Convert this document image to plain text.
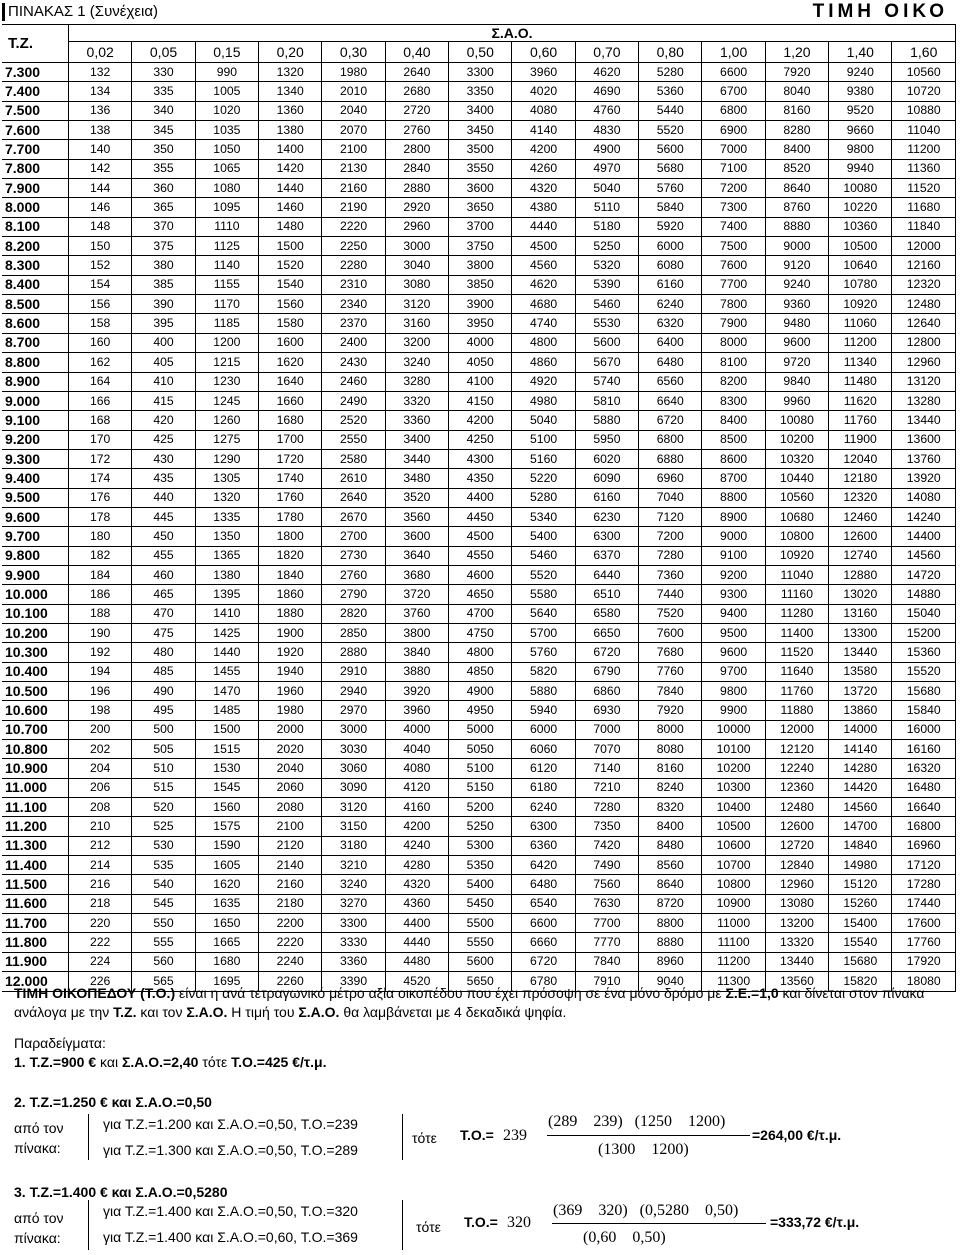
ΠΙΝΑΚΑΣ 1 (Συνέχεια)	ΤΙΜΗ ΟΙΚΟ
Τ.Ζ.	Σ.Α.Ο.													
	0,02	0,05	0,15	0,20	0,30	0,40	0,50	0,60	0,70	0,80	1,00	1,20	1,40	1,60
7.300	132	330	990	1320	1980	2640	3300	3960	4620	5280	6600	7920	9240	10560
7.400	134	335	1005	1340	2010	2680	3350	4020	4690	5360	6700	8040	9380	10720
7.500	136	340	1020	1360	2040	2720	3400	4080	4760	5440	6800	8160	9520	10880
7.600	138	345	1035	1380	2070	2760	3450	4140	4830	5520	6900	8280	9660	11040
7.700	140	350	1050	1400	2100	2800	3500	4200	4900	5600	7000	8400	9800	11200
7.800	142	355	1065	1420	2130	2840	3550	4260	4970	5680	7100	8520	9940	11360
7.900	144	360	1080	1440	2160	2880	3600	4320	5040	5760	7200	8640	10080	11520
8.000	146	365	1095	1460	2190	2920	3650	4380	5110	5840	7300	8760	10220	11680
8.100	148	370	1110	1480	2220	2960	3700	4440	5180	5920	7400	8880	10360	11840
8.200	150	375	1125	1500	2250	3000	3750	4500	5250	6000	7500	9000	10500	12000
8.300	152	380	1140	1520	2280	3040	3800	4560	5320	6080	7600	9120	10640	12160
8.400	154	385	1155	1540	2310	3080	3850	4620	5390	6160	7700	9240	10780	12320
8.500	156	390	1170	1560	2340	3120	3900	4680	5460	6240	7800	9360	10920	12480
8.600	158	395	1185	1580	2370	3160	3950	4740	5530	6320	7900	9480	11060	12640
8.700	160	400	1200	1600	2400	3200	4000	4800	5600	6400	8000	9600	11200	12800
8.800	162	405	1215	1620	2430	3240	4050	4860	5670	6480	8100	9720	11340	12960
8.900	164	410	1230	1640	2460	3280	4100	4920	5740	6560	8200	9840	11480	13120
9.000	166	415	1245	1660	2490	3320	4150	4980	5810	6640	8300	9960	11620	13280
9.100	168	420	1260	1680	2520	3360	4200	5040	5880	6720	8400	10080	11760	13440
9.200	170	425	1275	1700	2550	3400	4250	5100	5950	6800	8500	10200	11900	13600
9.300	172	430	1290	1720	2580	3440	4300	5160	6020	6880	8600	10320	12040	13760
9.400	174	435	1305	1740	2610	3480	4350	5220	6090	6960	8700	10440	12180	13920
9.500	176	440	1320	1760	2640	3520	4400	5280	6160	7040	8800	10560	12320	14080
9.600	178	445	1335	1780	2670	3560	4450	5340	6230	7120	8900	10680	12460	14240
9.700	180	450	1350	1800	2700	3600	4500	5400	6300	7200	9000	10800	12600	14400
9.800	182	455	1365	1820	2730	3640	4550	5460	6370	7280	9100	10920	12740	14560
9.900	184	460	1380	1840	2760	3680	4600	5520	6440	7360	9200	11040	12880	14720
10.000	186	465	1395	1860	2790	3720	4650	5580	6510	7440	9300	11160	13020	14880
10.100	188	470	1410	1880	2820	3760	4700	5640	6580	7520	9400	11280	13160	15040
10.200	190	475	1425	1900	2850	3800	4750	5700	6650	7600	9500	11400	13300	15200
10.300	192	480	1440	1920	2880	3840	4800	5760	6720	7680	9600	11520	13440	15360
10.400	194	485	1455	1940	2910	3880	4850	5820	6790	7760	9700	11640	13580	15520
10.500	196	490	1470	1960	2940	3920	4900	5880	6860	7840	9800	11760	13720	15680
10.600	198	495	1485	1980	2970	3960	4950	5940	6930	7920	9900	11880	13860	15840
10.700	200	500	1500	2000	3000	4000	5000	6000	7000	8000	10000	12000	14000	16000
10.800	202	505	1515	2020	3030	4040	5050	6060	7070	8080	10100	12120	14140	16160
10.900	204	510	1530	2040	3060	4080	5100	6120	7140	8160	10200	12240	14280	16320
11.000	206	515	1545	2060	3090	4120	5150	6180	7210	8240	10300	12360	14420	16480
11.100	208	520	1560	2080	3120	4160	5200	6240	7280	8320	10400	12480	14560	16640
11.200	210	525	1575	2100	3150	4200	5250	6300	7350	8400	10500	12600	14700	16800
11.300	212	530	1590	2120	3180	4240	5300	6360	7420	8480	10600	12720	14840	16960
11.400	214	535	1605	2140	3210	4280	5350	6420	7490	8560	10700	12840	14980	17120
11.500	216	540	1620	2160	3240	4320	5400	6480	7560	8640	10800	12960	15120	17280
11.600	218	545	1635	2180	3270	4360	5450	6540	7630	8720	10900	13080	15260	17440
11.700	220	550	1650	2200	3300	4400	5500	6600	7700	8800	11000	13200	15400	17600
11.800	222	555	1665	2220	3330	4440	5550	6660	7770	8880	11100	13320	15540	17760
11.900	224	560	1680	2240	3360	4480	5600	6720	7840	8960	11200	13440	15680	17920
12.000	226	565	1695	2260	3390	4520	5650	6780	7910	9040	11300	13560	15820	18080

ΤΙΜΗ ΟΙΚΟΠΕΔΟΥ (Τ.Ο.) είναι η ανά τετραγωνικό μέτρο αξία οικοπέδου που έχει πρόσοψη σε ένα μόνο δρόμο με Σ.Ε.=1,0 και δίνεται στον πίνακα ανάλογα με την Τ.Ζ. και τον Σ.Α.Ο. Η τιμή του Σ.Α.Ο. θα λαμβάνεται με 4 δεκαδικά ψηφία.

Παραδείγματα:

1. Τ.Ζ.=900 € και Σ.Α.Ο.=2,40 τότε Τ.Ο.=425 €/τ.μ.

2. Τ.Ζ.=1.250 € και Σ.Α.Ο.=0,50
από τον
πίνακα:
για Τ.Ζ.=1.200 και Σ.Α.Ο.=0,50, Τ.Ο.=239
για Τ.Ζ.=1.300 και Σ.Α.Ο.=0,50, Τ.Ο.=289
τότε Τ.Ο.= 239
(289    239)   (1250    1200)
(1300    1200)
=264,00 €/τ.μ.
3. Τ.Ζ.=1.400 € και Σ.Α.Ο.=0,5280
από τον
πίνακα:
για Τ.Ζ.=1.400 και Σ.Α.Ο.=0,50, Τ.Ο.=320
για Τ.Ζ.=1.400 και Σ.Α.Ο.=0,60, Τ.Ο.=369
τότε Τ.Ο.= 320
(369    320)   (0,5280    0,50)
(0,60    0,50)
=333,72 €/τ.μ.
